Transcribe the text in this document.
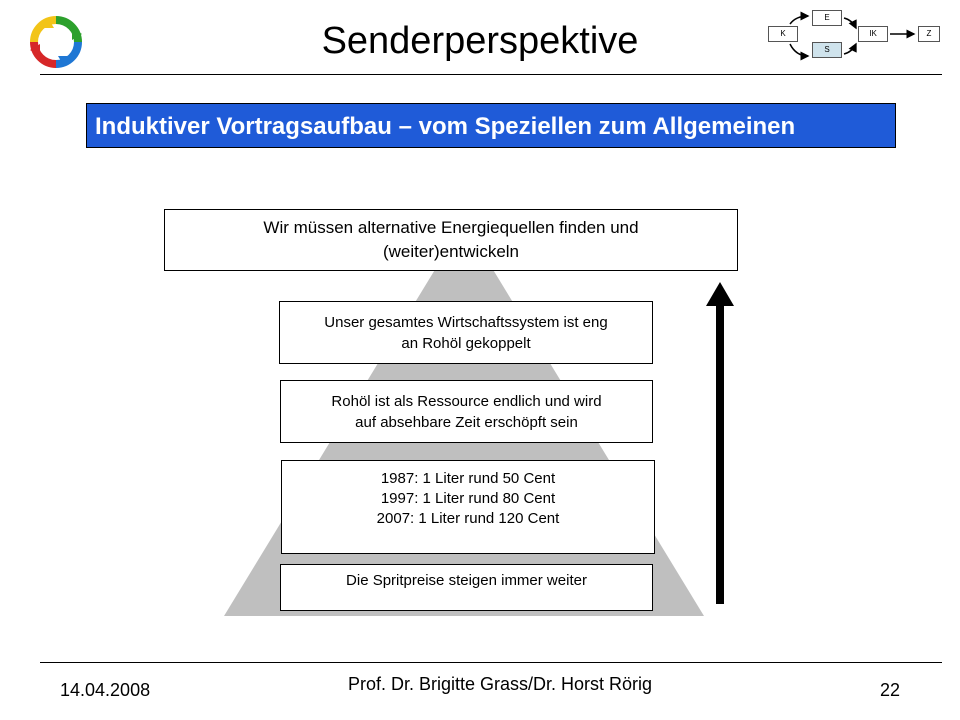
Senderperspektive
E
K
S
IK	Z
Induktiver Vortragsaufbau – vom Speziellen zum Allgemeinen
Wir müssen alternative Energiequellen finden und
(weiter)entwickeln
Unser gesamtes Wirtschaftssystem ist eng
an Rohöl gekoppelt
Rohöl ist als Ressource endlich und wird
auf absehbare Zeit erschöpft sein
1987: 1 Liter rund 50 Cent
1997: 1 Liter rund 80 Cent
2007: 1 Liter rund 120 Cent
Die Spritpreise steigen immer weiter
14.04.2008	Prof. Dr. Brigitte Grass/Dr. Horst Rörig	22
